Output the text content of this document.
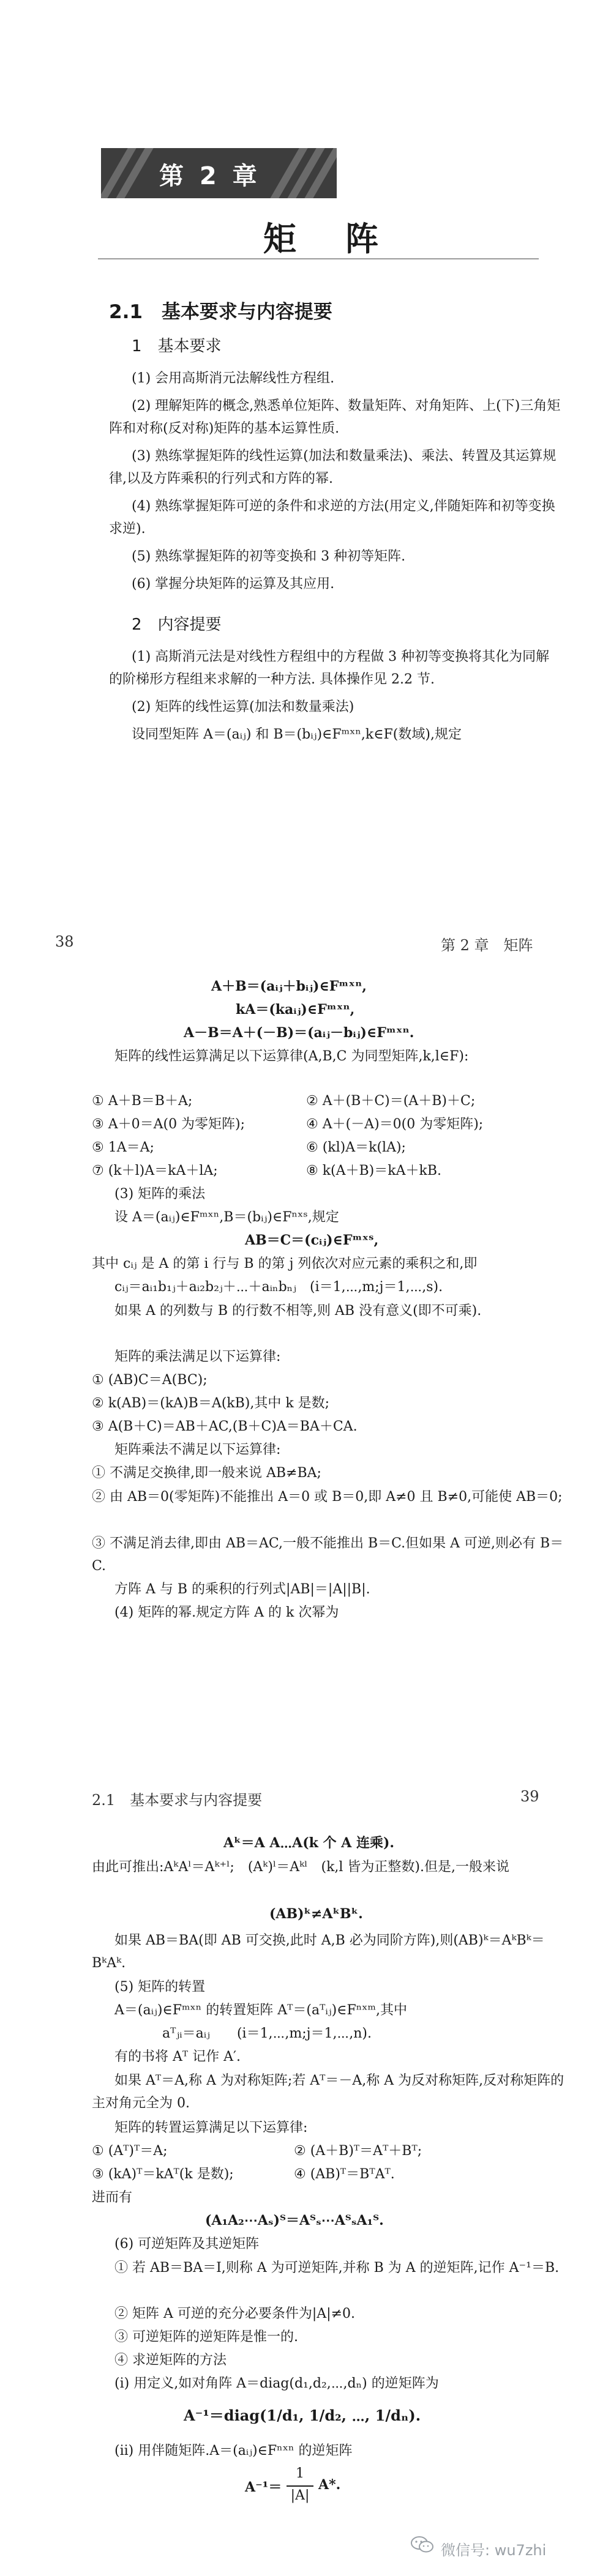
第 2 章
矩阵
2.1　基本要求与内容提要
1　基本要求
(1) 会用高斯消元法解线性方程组.
(2) 理解矩阵的概念,熟悉单位矩阵、数量矩阵、对角矩阵、上(下)三角矩阵和对称(反对称)矩阵的基本运算性质.
(3) 熟练掌握矩阵的线性运算(加法和数量乘法)、乘法、转置及其运算规律,以及方阵乘积的行列式和方阵的幂.
(4) 熟练掌握矩阵可逆的条件和求逆的方法(用定义,伴随矩阵和初等变换求逆).
(5) 熟练掌握矩阵的初等变换和 3 种初等矩阵.
(6) 掌握分块矩阵的运算及其应用.
2　内容提要
(1) 高斯消元法是对线性方程组中的方程做 3 种初等变换将其化为同解的阶梯形方程组来求解的一种方法. 具体操作见 2.2 节.
(2) 矩阵的线性运算(加法和数量乘法)
设同型矩阵 A＝(aᵢⱼ) 和 B＝(bᵢⱼ)∈Fᵐˣⁿ,k∈F(数域),规定
38	第 2 章　矩阵
A＋B＝(aᵢⱼ＋bᵢⱼ)∈Fᵐˣⁿ,
kA＝(kaᵢⱼ)∈Fᵐˣⁿ,
A－B＝A＋(－B)＝(aᵢⱼ－bᵢⱼ)∈Fᵐˣⁿ.
矩阵的线性运算满足以下运算律(A,B,C 为同型矩阵,k,l∈F):
① A＋B＝B＋A;	② A＋(B＋C)＝(A＋B)＋C;
③ A＋0＝A(0 为零矩阵);	④ A＋(－A)＝0(0 为零矩阵);
⑤ 1A＝A;	⑥ (kl)A＝k(lA);
⑦ (k＋l)A＝kA＋lA;	⑧ k(A＋B)＝kA＋kB.
(3) 矩阵的乘法
设 A＝(aᵢⱼ)∈Fᵐˣⁿ,B＝(bᵢⱼ)∈Fⁿˣˢ,规定
AB＝C＝(cᵢⱼ)∈Fᵐˣˢ,
其中 cᵢⱼ 是 A 的第 i 行与 B 的第 j 列依次对应元素的乘积之和,即
cᵢⱼ＝aᵢ₁b₁ⱼ＋aᵢ₂b₂ⱼ＋⋯＋aᵢₙbₙⱼ　(i＝1,⋯,m;j＝1,⋯,s).
如果 A 的列数与 B 的行数不相等,则 AB 没有意义(即不可乘).
矩阵的乘法满足以下运算律:
① (AB)C＝A(BC);
② k(AB)＝(kA)B＝A(kB),其中 k 是数;
③ A(B＋C)＝AB＋AC,(B＋C)A＝BA＋CA.
矩阵乘法不满足以下运算律:
① 不满足交换律,即一般来说 AB≠BA;
② 由 AB＝0(零矩阵)不能推出 A＝0 或 B＝0,即 A≠0 且 B≠0,可能使 AB＝0;
③ 不满足消去律,即由 AB＝AC,一般不能推出 B＝C.但如果 A 可逆,则必有 B＝C.
方阵 A 与 B 的乘积的行列式|AB|＝|A||B|.
(4) 矩阵的幂.规定方阵 A 的 k 次幂为
2.1　基本要求与内容提要	39
Aᵏ＝A A⋯A(k 个 A 连乘).
由此可推出:AᵏAˡ＝Aᵏ⁺ˡ;　(Aᵏ)ˡ＝Aᵏˡ　(k,l 皆为正整数).但是,一般来说
(AB)ᵏ≠AᵏBᵏ.
如果 AB＝BA(即 AB 可交换,此时 A,B 必为同阶方阵),则(AB)ᵏ＝AᵏBᵏ＝BᵏAᵏ.
(5) 矩阵的转置
A＝(aᵢⱼ)∈Fᵐˣⁿ 的转置矩阵 Aᵀ＝(aᵀᵢⱼ)∈Fⁿˣᵐ,其中
aᵀⱼᵢ＝aᵢⱼ　　(i＝1,⋯,m;j＝1,⋯,n).
有的书将 Aᵀ 记作 A′.
如果 Aᵀ＝A,称 A 为对称矩阵;若 Aᵀ＝－A,称 A 为反对称矩阵,反对称矩阵的主对角元全为 0.
矩阵的转置运算满足以下运算律:
① (Aᵀ)ᵀ＝A;	② (A＋B)ᵀ＝Aᵀ＋Bᵀ;
③ (kA)ᵀ＝kAᵀ(k 是数);	④ (AB)ᵀ＝BᵀAᵀ.
进而有
(A₁A₂⋯Aₛ)ᵀ＝Aᵀₛ⋯AᵀₛA₁ᵀ.
(6) 可逆矩阵及其逆矩阵
① 若 AB＝BA＝I,则称 A 为可逆矩阵,并称 B 为 A 的逆矩阵,记作 A⁻¹＝B.
② 矩阵 A 可逆的充分必要条件为|A|≠0.
③ 可逆矩阵的逆矩阵是惟一的.
④ 求逆矩阵的方法
(i) 用定义,如对角阵 A＝diag(d₁,d₂,⋯,dₙ) 的逆矩阵为
A⁻¹＝diag(1/d₁, 1/d₂, ⋯, 1/dₙ).
(ii) 用伴随矩阵.A＝(aᵢⱼ)∈Fⁿˣⁿ 的逆矩阵
A⁻¹＝
1
|A|
A*.
微信号: wu7zhi
